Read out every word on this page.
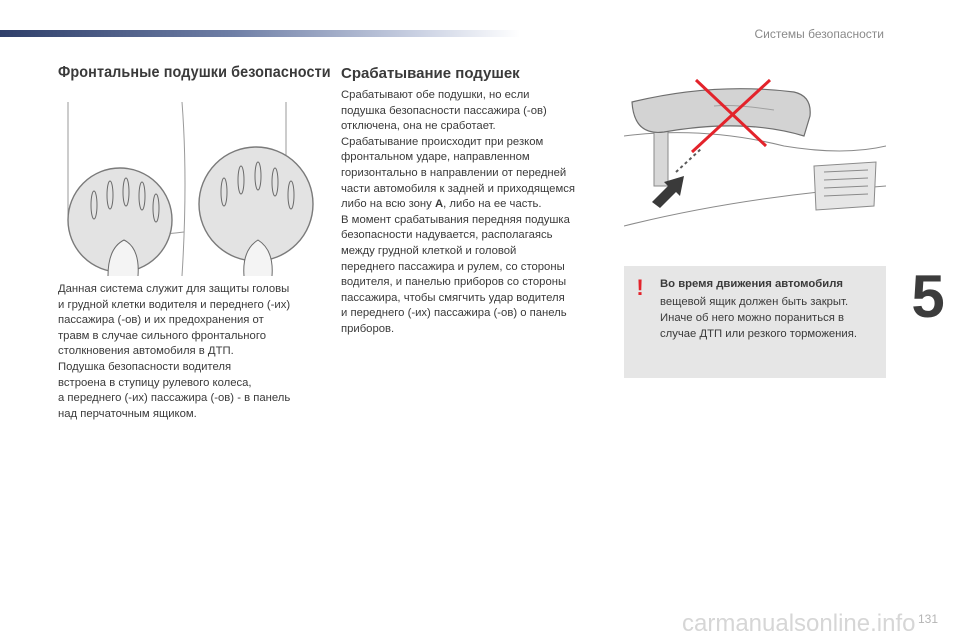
Системы безопасности
Фронтальные подушки безопасности

Данная система служит для защиты головы
и грудной клетки водителя и переднего (-их)
пассажира (-ов) и их предохранения от
травм в случае сильного фронтального
столкновения автомобиля в ДТП.
Подушка безопасности водителя
встроена в ступицу рулевого колеса,
а переднего (-их) пассажира (-ов) - в панель
над перчаточным ящиком.

Срабатывание подушек

Срабатывают обе подушки, но если
подушка безопасности пассажира (-ов)
отключена, она не сработает.
Срабатывание происходит при резком
фронтальном ударе, направленном
горизонтально в направлении от передней
части автомобиля к задней и приходящемся
либо на всю зону A, либо на ее часть.
В момент срабатывания передняя подушка
безопасности надувается, располагаясь
между грудной клеткой и головой
переднего пассажира и рулем, со стороны
водителя, и панелью приборов со стороны
пассажира, чтобы смягчить удар водителя
и переднего (-их) пассажира (-ов) о панель
приборов.

! Во время движения автомобиля

вещевой ящик должен быть закрыт.
Иначе об него можно пораниться в
случае ДТП или резкого торможения.

5
carmanualsonline.info 131
